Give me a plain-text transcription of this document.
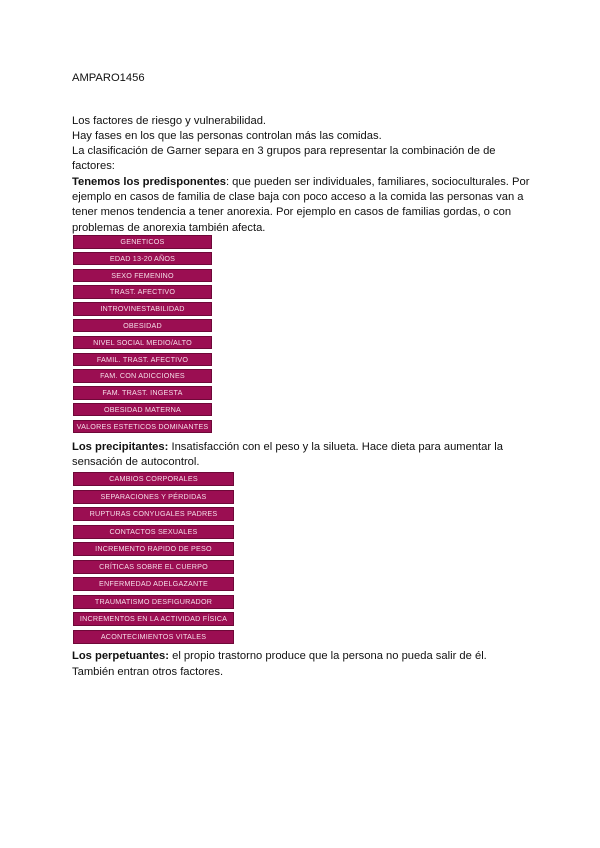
AMPARO1456
Los factores de riesgo y vulnerabilidad.
Hay fases en los que las personas controlan más las comidas.
La clasificación de Garner separa en 3 grupos para representar la combinación de de factores:
Tenemos los predisponentes: que pueden ser individuales, familiares, socioculturales. Por ejemplo en casos de familia de clase baja con poco acceso a la comida las personas van a tener menos tendencia a tener anorexia. Por ejemplo en casos de familias gordas, o con problemas de anorexia también afecta.
GENETICOS
EDAD 13-20 AÑOS
SEXO FEMENINO
TRAST. AFECTIVO
INTROVINESTABILIDAD
OBESIDAD
NIVEL SOCIAL MEDIO/ALTO
FAMIL. TRAST. AFECTIVO
FAM. CON ADICCIONES
FAM. TRAST. INGESTA
OBESIDAD MATERNA
VALORES ESTETICOS DOMINANTES
Los precipitantes: Insatisfacción con el peso y la silueta. Hace dieta para aumentar la sensación de autocontrol.
CAMBIOS CORPORALES
SEPARACIONES Y PÉRDIDAS
RUPTURAS CONYUGALES PADRES
CONTACTOS SEXUALES
INCREMENTO RAPIDO DE PESO
CRÍTICAS SOBRE EL CUERPO
ENFERMEDAD ADELGAZANTE
TRAUMATISMO DESFIGURADOR
INCREMENTOS EN LA ACTIVIDAD FÍSICA
ACONTECIMIENTOS VITALES
Los perpetuantes: el propio trastorno produce que la persona no pueda salir de él.
También entran otros factores.
